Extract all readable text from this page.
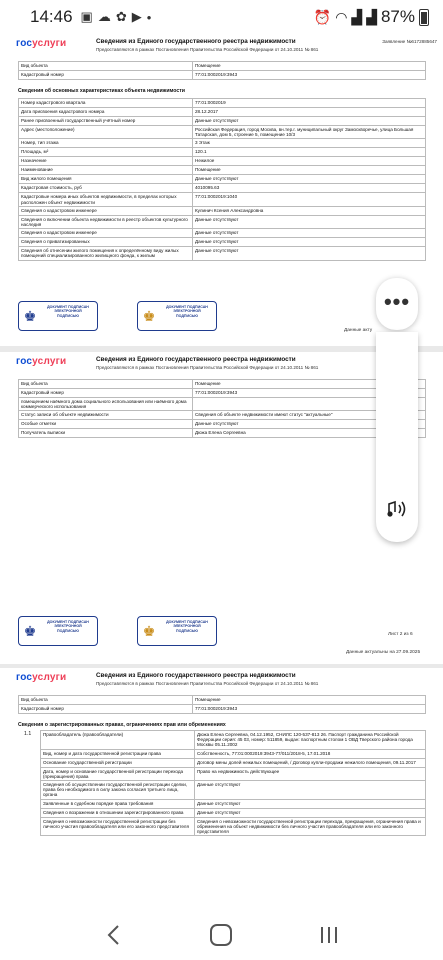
14:46 ▣ ☁ ✿ ▶ •	⏰ ◠ ▟ ▟ 87%
госуслуги	Сведения из Единого государственного реестра недвижимости
Предоставляются в рамках Постановления Правительства Российской Федерации от 24.10.2011 № 861
Заявление №6172885647
Вид объекта	Помещение
Кадастровый номер	77:01:0002019:3943
Сведения об основных характеристиках объекта недвижимости
Номер кадастрового квартала	77:01:0002019
Дата присвоения кадастрового номера	28.12.2017
Ранее присвоенный государственный учётный номер	Данные отсутствуют
Адрес (местоположение)	Российская Федерация, город Москва, вн.тер.г. муниципальный округ Замоскворечье, улица Большая Татарская, дом 5, строение 5, помещение 10/3
Номер, тип этажа	3 Этаж
Площадь, м²	120.1
Назначение	Нежилое
Наименование	Помещение
Вид жилого помещения	Данные отсутствуют
Кадастровая стоимость, руб	4010095.63
Кадастровые номера иных объектов недвижимости, в пределах которых расположен объект недвижимости	77:01:0002019:1040
Сведения о кадастровом инженере	Кулинич Ксения Александровна
Сведения о включении объекта недвижимости в реестр объектов культурного наследия	Данные отсутствуют
Сведения о кадастровом инженере	Данные отсутствуют
Сведения о приватизированных	Данные отсутствуют
Сведения об отнесении жилого помещения к определённому виду жилых помещений специализированного жилищного фонда, к жилым	Данные отсутствуют
♚
ДОКУМЕНТ ПОДПИСАН
ЭЛЕКТРОННОЙ
ПОДПИСЬЮ
	♚
ДОКУМЕНТ ПОДПИСАН
ЭЛЕКТРОННОЙ
ПОДПИСЬЮ

Данные акту
госуслуги	Сведения из Единого государственного реестра недвижимости
Предоставляются в рамках Постановления Правительства Российской Федерации от 24.10.2011 № 861
Вид объекта	Помещение
Кадастровый номер	77:01:0002019:3943
помещением наёмного дома социального использования или наёмного дома коммерческого использования	
Статус записи об объекте недвижимости	Сведения об объекте недвижимости имеют статус "актуальные"
Особые отметки	Данные отсутствуют
Получатель выписки	Дюжа Елена Сергеевна
♚
ДОКУМЕНТ ПОДПИСАН
ЭЛЕКТРОННОЙ
ПОДПИСЬЮ
	♚
ДОКУМЕНТ ПОДПИСАН
ЭЛЕКТРОННОЙ
ПОДПИСЬЮ

Лист 2 из 6
Данные актуальны на 27.09.2025
госуслуги	Сведения из Единого государственного реестра недвижимости
Предоставляются в рамках Постановления Правительства Российской Федерации от 24.10.2011 № 861
Вид объекта	Помещение
Кадастровый номер	77:01:0002019:3943
Сведения о зарегистрированных правах, ограничениях прав или обременениях
1.1	Правообладатель (правообладатели)	Дюжа Елена Сергеевна, 04.12.1952, СНИЛС 120-537-813 26. Паспорт гражданина Российской Федерации серия: 45 03, номер: 511859, выдан: паспортным столом 1 ОВД Тверского района города Москвы 05.11.2002
Вид, номер и дата государственной регистрации права	Собственность, 77:01:0002019:3943-77/011/2018-5, 17.01.2018
Основание государственной регистрации	Договор мены долей нежилых помещений, / Договор купли-продажи нежилого помещения, 09.11.2017
Дата, номер и основание государственной регистрации перехода (прекращения) права	Право на недвижимость действующее
Сведения об осуществлении государственной регистрации сделки, права без необходимого в силу закона согласия третьего лица, органа	Данные отсутствуют
Заявленные в судебном порядке права требования	Данные отсутствуют
Сведения о возражении в отношении зарегистрированного права	Данные отсутствуют
Сведения о невозможности государственной регистрации без личного участия правообладателя или его законного представителя	Сведения о невозможности государственной регистрации перехода, прекращения, ограничения права и обременения на объект недвижимости без личного участия правообладателя или его законного представителя
•••
